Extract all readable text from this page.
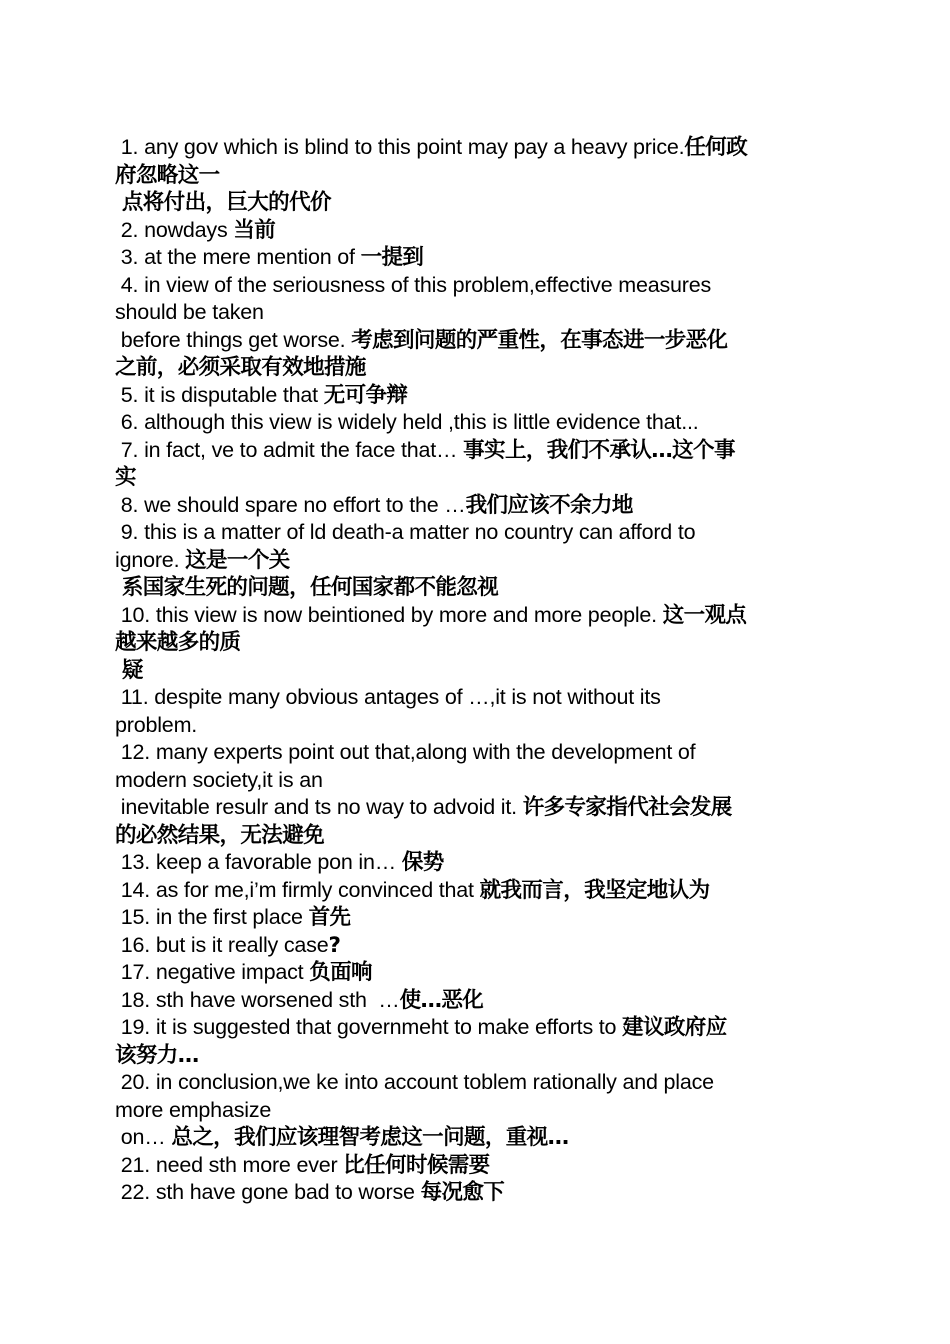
1. any gov which is blind to this point may pay a heavy price.任何政
府忽略这一
点将付出，巨大的代价
2. nowdays 当前
3. at the mere mention of 一提到
4. in view of the seriousness of this problem,effective measures
should be taken
before things get worse. 考虑到问题的严重性，在事态进一步恶化
之前，必须采取有效地措施
5. it is disputable that 无可争辩
6. although this view is widely held ,this is little evidence that...
7. in fact, ve to admit the face that… 事实上，我们不承认…这个事
实
8. we should spare no effort to the …我们应该不余力地
9. this is a matter of ld death-a matter no country can afford to
ignore. 这是一个关
系国家生死的问题，任何国家都不能忽视
10. this view is now beintioned by more and more people. 这一观点
越来越多的质
疑
11. despite many obvious antages of …,it is not without its
problem.
12. many experts point out that,along with the development of
modern society,it is an
inevitable resulr and ts no way to advoid it. 许多专家指代社会发展
的必然结果，无法避免
13. keep a favorable pon in… 保势
14. as for me,i’m firmly convinced that 就我而言，我坚定地认为
15. in the first place 首先
16. but is it really case?
17. negative impact 负面响
18. sth have worsened sth  …使…恶化
19. it is suggested that governmeht to make efforts to 建议政府应
该努力…
20. in conclusion,we ke into account toblem rationally and place
more emphasize
on… 总之，我们应该理智考虑这一问题，重视…
21. need sth more ever 比任何时候需要
22. sth have gone bad to worse 每况愈下
